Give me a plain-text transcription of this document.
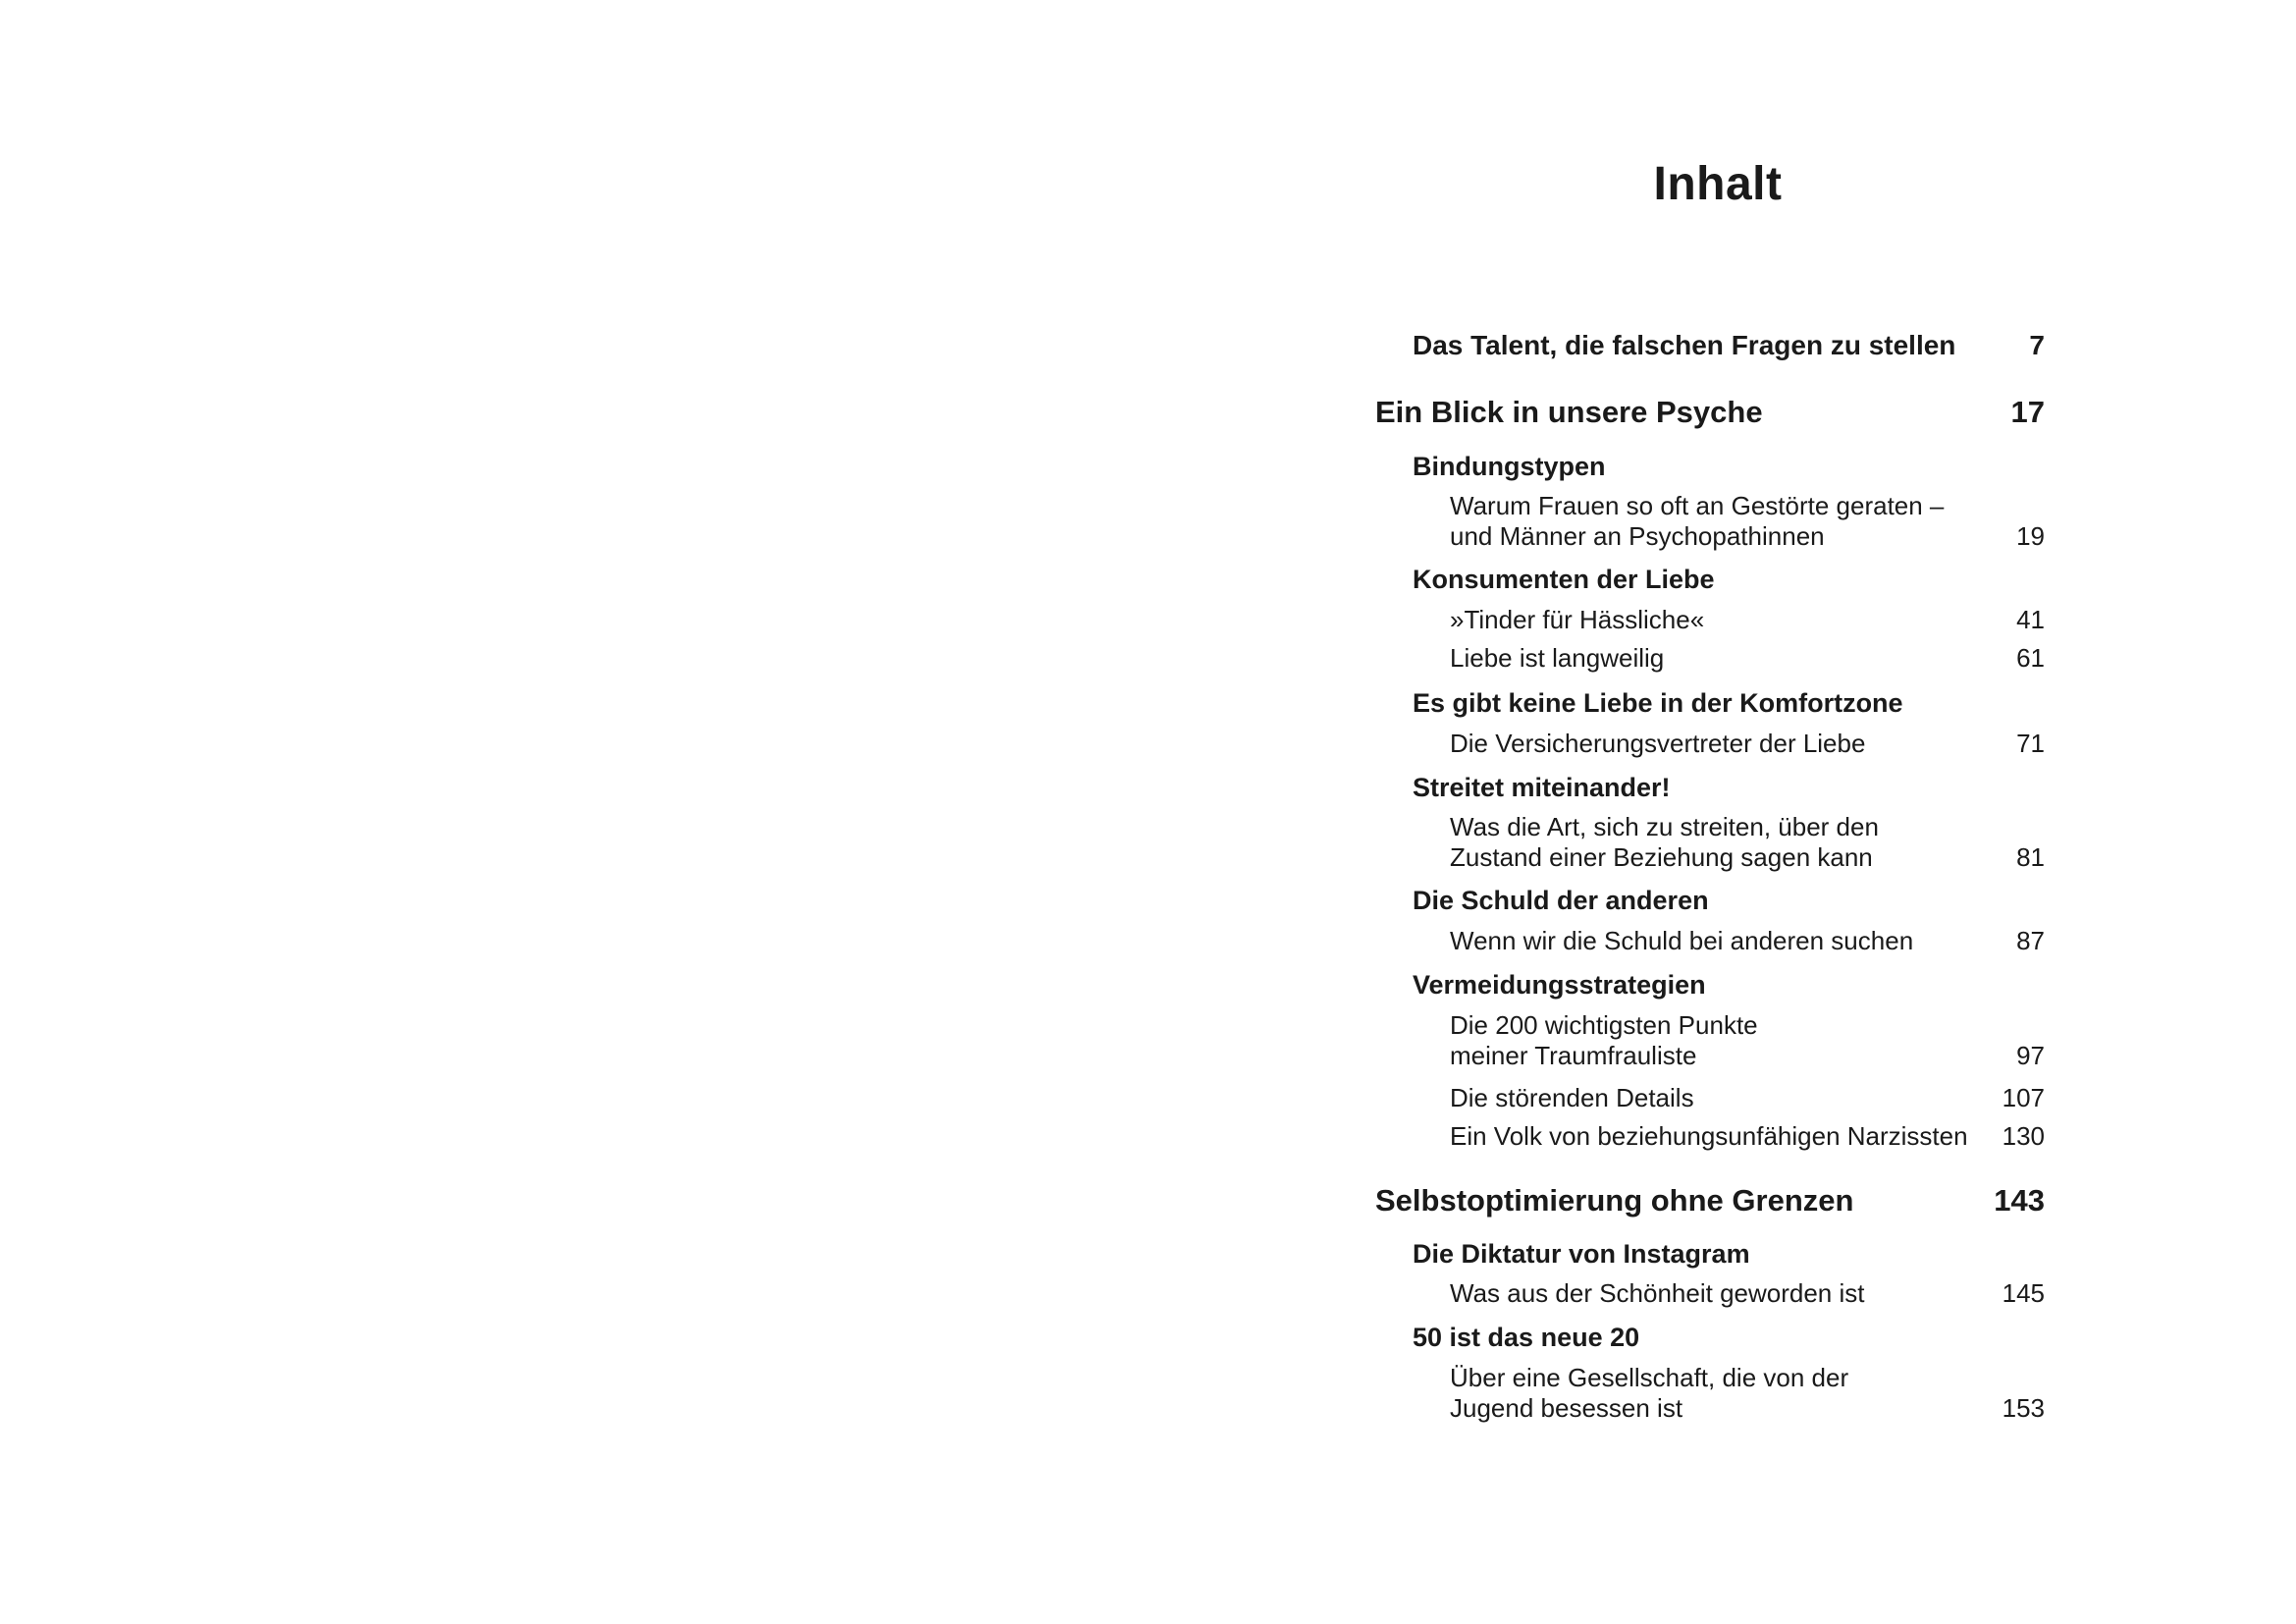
Inhalt
Das Talent, die falschen Fragen zu stellen	7
Ein Blick in unsere Psyche	17
Bindungstypen
Warum Frauen so oft an Gestörte geraten –
und Männer an Psychopathinnen	19
Konsumenten der Liebe
»Tinder für Hässliche«	41
Liebe ist langweilig	61
Es gibt keine Liebe in der Komfortzone
Die Versicherungsvertreter der Liebe	71
Streitet miteinander!
Was die Art, sich zu streiten, über den
Zustand einer Beziehung sagen kann	81
Die Schuld der anderen
Wenn wir die Schuld bei anderen suchen	87
Vermeidungsstrategien
Die 200 wichtigsten Punkte
meiner Traumfrauliste	97
Die störenden Details	107
Ein Volk von beziehungsunfähigen Narzissten 130
Selbstoptimierung ohne Grenzen	143
Die Diktatur von Instagram
Was aus der Schönheit geworden ist	145
50 ist das neue 20
Über eine Gesellschaft, die von der
Jugend besessen ist	153
